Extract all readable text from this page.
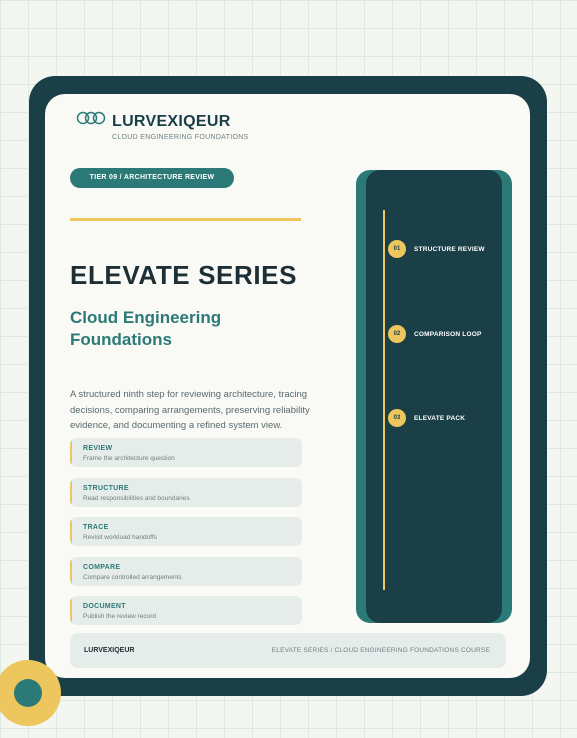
LURVEXIQEUR
CLOUD ENGINEERING FOUNDATIONS
TIER 09 / ARCHITECTURE REVIEW
ELEVATE SERIES
Cloud Engineering Foundations
A structured ninth step for reviewing architecture, tracing decisions, comparing arrangements, preserving reliability evidence, and documenting a refined system view.
REVIEW
Frame the architecture question
STRUCTURE
Read responsibilities and boundaries
TRACE
Revisit workload handoffs
COMPARE
Compare controlled arrangements
DOCUMENT
Publish the review record
01	STRUCTURE REVIEW
02	COMPARISON LOOP
03	ELEVATE PACK
LURVEXIQEUR	ELEVATE SERIES / CLOUD ENGINEERING FOUNDATIONS COURSE
